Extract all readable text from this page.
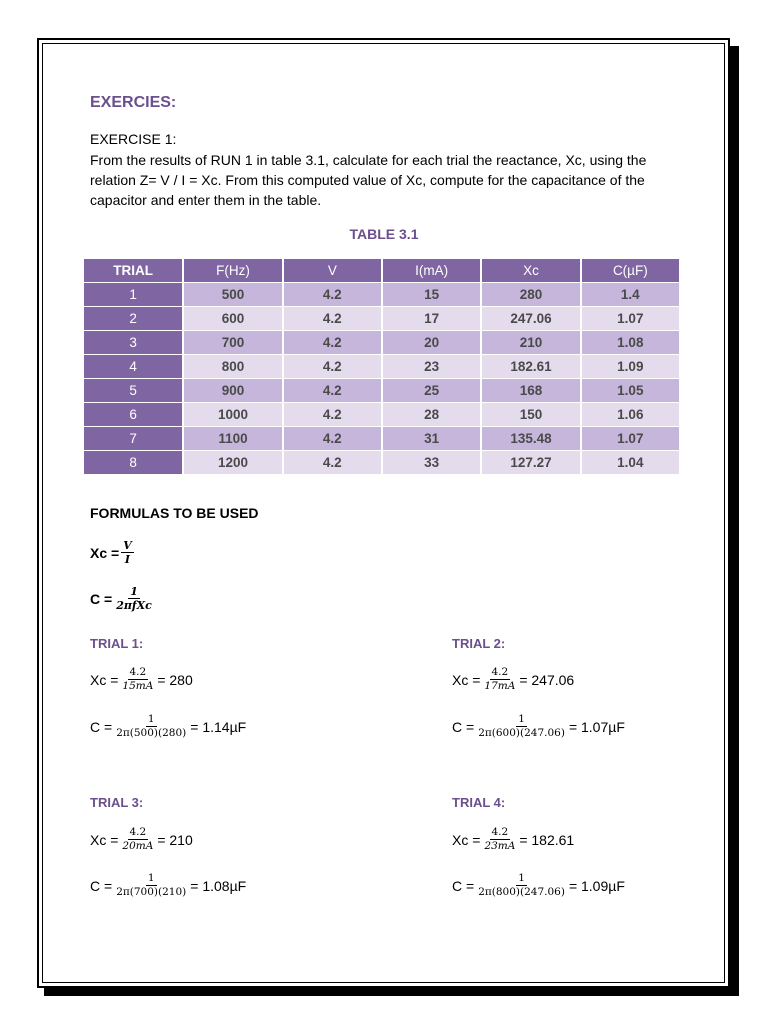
EXERCIES:
EXERCISE 1:
From the results of RUN 1 in table 3.1, calculate for each trial the reactance, Xc, using the relation Z= V / I = Xc. From this computed value of Xc, compute for the capacitance of the capacitor and enter them in the table.
TABLE 3.1
TRIAL	F(Hz)	V	I(mA)	Xc	C(µF)
1	500	4.2	15	280	1.4
2	600	4.2	17	247.06	1.07
3	700	4.2	20	210	1.08
4	800	4.2	23	182.61	1.09
5	900	4.2	25	168	1.05
6	1000	4.2	28	150	1.06
7	1100	4.2	31	135.48	1.07
8	1200	4.2	33	127.27	1.04
FORMULAS TO BE USED
$Xc = \frac{V}{I}$
$C = \frac{1}{\text{2πfXc}}$
TRIAL 1:
$Xc = \frac{4.2}{15mA} = 280$
$C = \frac{1}{2\pi(500)(280)} = 1.14\mu F$
TRIAL 2:
$Xc = \frac{4.2}{17mA} = 247.06$
$C = \frac{1}{2\pi(600)(247.06)} = 1.07\mu F$
TRIAL 3:
$Xc = \frac{4.2}{20mA} = 210$
$C = \frac{1}{2\pi(700)(210)} = 1.08\mu F$
TRIAL 4:
$Xc = \frac{4.2}{23mA} = 182.61$
$C = \frac{1}{2\pi(800)(247.06)} = 1.09\mu F$
